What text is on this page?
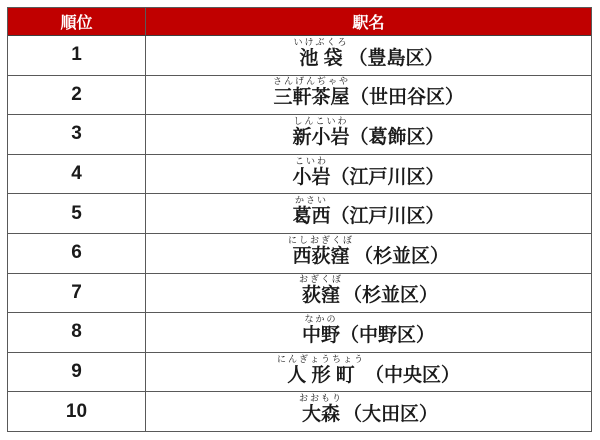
順位	駅名
1
いけぶくろ
池 袋 （豊島区）
2
さんげんぢゃや
三軒茶屋 （世田谷区）
3
しんこいわ
新小岩 （葛飾区）
4
こいわ
小岩 （江戸川区）
5
かさい
葛西 （江戸川区）
6
にしおぎくぼ
西荻窪 （杉並区）
7
おぎくぼ
荻窪 （杉並区）
8
なかの
中野 （中野区）
9
にんぎょうちょう
人 形 町 （中央区）
10
おおもり
大森 （大田区）
